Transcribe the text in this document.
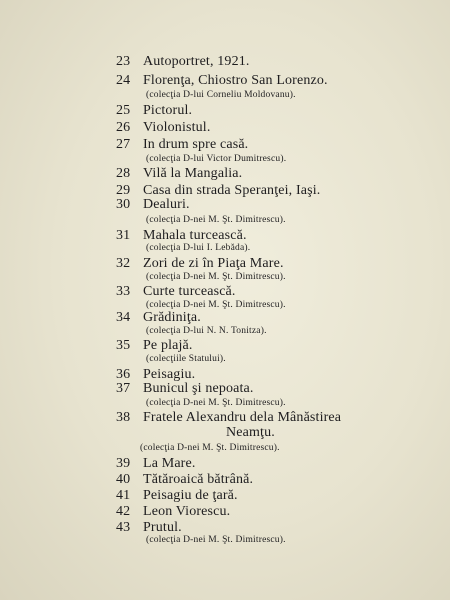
23 Autoportret, 1921.
24 Florenţa, Chiostro San Lorenzo.
(colecţia D-lui Corneliu Moldovanu).
25 Pictorul.
26 Violonistul.
27 In drum spre casă.
(colecţia D-lui Victor Dumitrescu).
28 Vilă la Mangalia.
29 Casa din strada Speranţei, Iaşi.
30 Dealuri.
(colecţia D-nei M. Şt. Dimitrescu).
31 Mahala turcească.
(colecţia D-lui I. Lebăda).
32 Zori de zi în Piaţa Mare.
(colecţia D-nei M. Şt. Dimitrescu).
33 Curte turcească.
(colecţia D-nei M. Şt. Dimitrescu).
34 Grădiniţa.
(colecţia D-lui N. N. Tonitza).
35 Pe plajă.
(colecţiile Statului).
36 Peisagiu.
37 Bunicul şi nepoata.
(colecţia D-nei M. Şt. Dimitrescu).
38 Fratele Alexandru dela Mânăstirea
Neamţu.
(colecţia D-nei M. Şt. Dimitrescu).
39 La Mare.
40 Tătăroaică bătrână.
41 Peisagiu de ţară.
42 Leon Viorescu.
43 Prutul.
(colecţia D-nei M. Şt. Dimitrescu).
